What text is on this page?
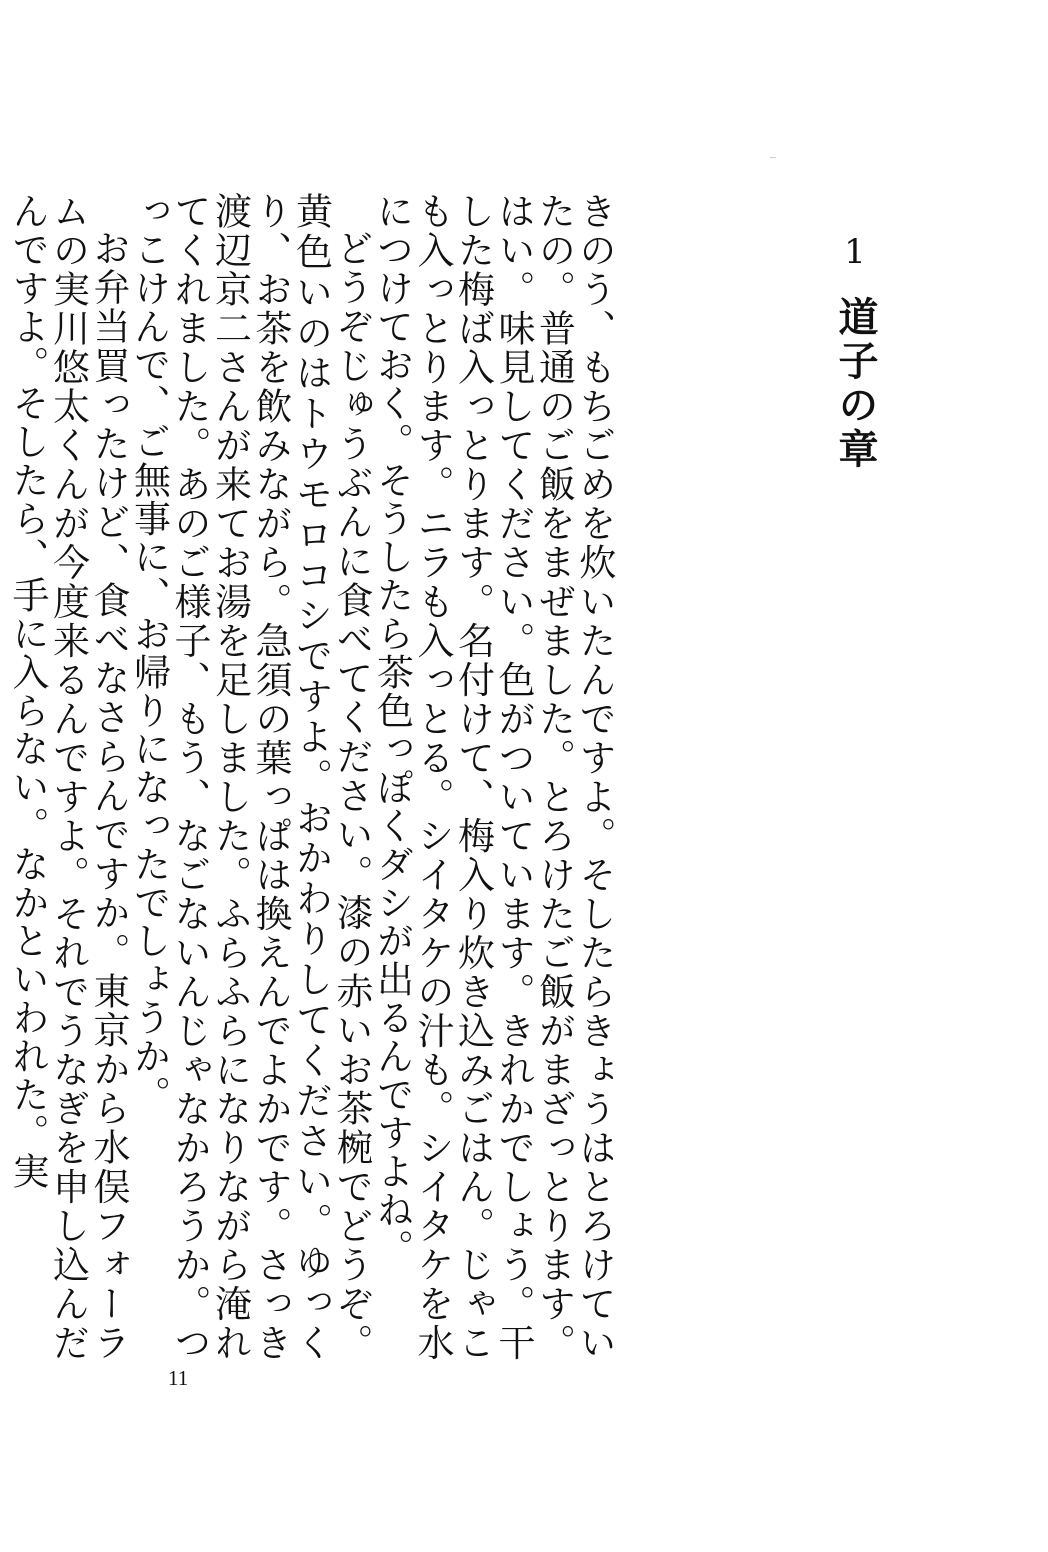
1
道子の章

きのう、もちごめを炊いたんですよ。そしたらきょうはとろけていたの。普通のご飯をまぜました。とろけたご飯がまざっとります。はい。味見してください。色がついています。きれかでしょう。干した梅ば入っとります。名付けて、梅入り炊き込みごはん。じゃこも入っとります。ニラも入っとる。シイタケの汁も。シイタケを水につけておく。そうしたら茶色っぽくダシが出るんですよね。

どうぞじゅうぶんに食べてください。漆の赤いお茶椀でどうぞ。黄色いのはトウモロコシですよ。おかわりしてください。ゆっくり、お茶を飲みながら。急須の葉っぱは換えんでよかです。さっき渡辺京二さんが来てお湯を足しました。ふらふらになりながら淹れてくれました。あのご様子、もう、なごないんじゃなかろうか。つっこけんで、ご無事に、お帰りになったでしょうか。

お弁当買ったけど、食べなさらんですか。東京から水俣フォーラムの実川悠太くんが今度来るんですよ。それでうなぎを申し込んだんですよ。そしたら、手に入らない。なかといわれた。実

11
